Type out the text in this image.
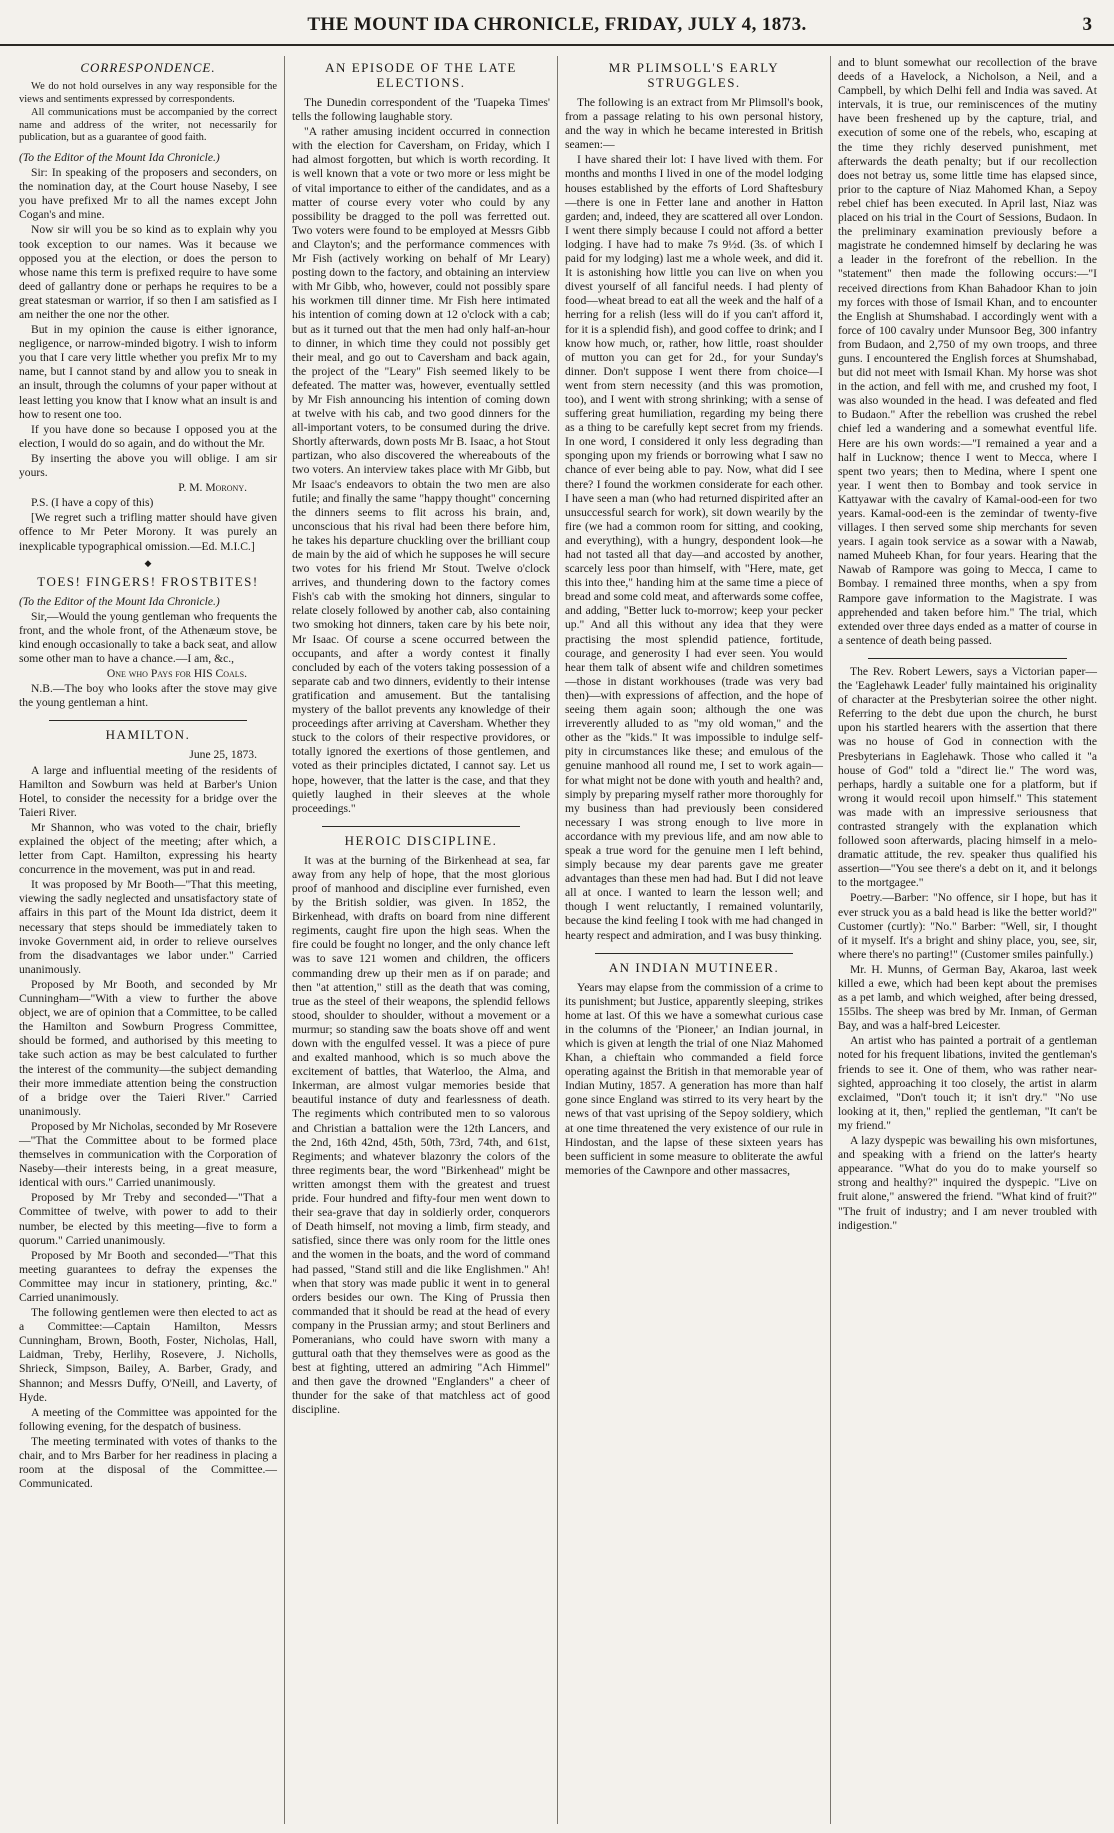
THE MOUNT IDA CHRONICLE, FRIDAY, JULY 4, 1873.	3
CORRESPONDENCE.

We do not hold ourselves in any way responsible for the views and sentiments expressed by correspondents.

All communications must be accompanied by the correct name and address of the writer, not necessarily for publication, but as a guarantee of good faith.

(To the Editor of the Mount Ida Chronicle.)

Sir: In speaking of the proposers and seconders, on the nomination day, at the Court house Naseby, I see you have prefixed Mr to all the names except John Cogan's and mine.

Now sir will you be so kind as to explain why you took exception to our names. Was it because we opposed you at the election, or does the person to whose name this term is prefixed require to have some deed of gallantry done or perhaps he requires to be a great statesman or warrior, if so then I am satisfied as I am neither the one nor the other.

But in my opinion the cause is either ignorance, negligence, or narrow-minded bigotry. I wish to inform you that I care very little whether you prefix Mr to my name, but I cannot stand by and allow you to sneak in an insult, through the columns of your paper without at least letting you know that I know what an insult is and how to resent one too.

If you have done so because I opposed you at the election, I would do so again, and do without the Mr.

By inserting the above you will oblige. I am sir yours.

P. M. Morony.

P.S. (I have a copy of this)

[We regret such a trifling matter should have given offence to Mr Peter Morony. It was purely an inexplicable typographical omission.—Ed. M.I.C.]

◆
TOES! FINGERS! FROSTBITES!

(To the Editor of the Mount Ida Chronicle.)

Sir,—Would the young gentleman who frequents the front, and the whole front, of the Athenæum stove, be kind enough occasionally to take a back seat, and allow some other man to have a chance.—I am, &c.,

One who Pays for HIS Coals.

N.B.—The boy who looks after the stove may give the young gentleman a hint.

HAMILTON.

June 25, 1873.

A large and influential meeting of the residents of Hamilton and Sowburn was held at Barber's Union Hotel, to consider the necessity for a bridge over the Taieri River.

Mr Shannon, who was voted to the chair, briefly explained the object of the meeting; after which, a letter from Capt. Hamilton, expressing his hearty concurrence in the movement, was put in and read.

It was proposed by Mr Booth—"That this meeting, viewing the sadly neglected and unsatisfactory state of affairs in this part of the Mount Ida district, deem it necessary that steps should be immediately taken to invoke Government aid, in order to relieve ourselves from the disadvantages we labor under." Carried unanimously.

Proposed by Mr Booth, and seconded by Mr Cunningham—"With a view to further the above object, we are of opinion that a Committee, to be called the Hamilton and Sowburn Progress Committee, should be formed, and authorised by this meeting to take such action as may be best calculated to further the interest of the community—the subject demanding their more immediate attention being the construction of a bridge over the Taieri River." Carried unanimously.

Proposed by Mr Nicholas, seconded by Mr Rosevere—"That the Committee about to be formed place themselves in communication with the Corporation of Naseby—their interests being, in a great measure, identical with ours." Carried unanimously.

Proposed by Mr Treby and seconded—"That a Committee of twelve, with power to add to their number, be elected by this meeting—five to form a quorum." Carried unanimously.

Proposed by Mr Booth and seconded—"That this meeting guarantees to defray the expenses the Committee may incur in stationery, printing, &c." Carried unanimously.

The following gentlemen were then elected to act as a Committee:—Captain Hamilton, Messrs Cunningham, Brown, Booth, Foster, Nicholas, Hall, Laidman, Treby, Herlihy, Rosevere, J. Nicholls, Shrieck, Simpson, Bailey, A. Barber, Grady, and Shannon; and Messrs Duffy, O'Neill, and Laverty, of Hyde.

A meeting of the Committee was appointed for the following evening, for the despatch of business.

The meeting terminated with votes of thanks to the chair, and to Mrs Barber for her readiness in placing a room at the disposal of the Committee.—Communicated.

AN EPISODE OF THE LATE ELECTIONS.

The Dunedin correspondent of the 'Tuapeka Times' tells the following laughable story.

"A rather amusing incident occurred in connection with the election for Caversham, on Friday, which I had almost forgotten, but which is worth recording. It is well known that a vote or two more or less might be of vital importance to either of the candidates, and as a matter of course every voter who could by any possibility be dragged to the poll was ferretted out. Two voters were found to be employed at Messrs Gibb and Clayton's; and the performance commences with Mr Fish (actively working on behalf of Mr Leary) posting down to the factory, and obtaining an interview with Mr Gibb, who, however, could not possibly spare his workmen till dinner time. Mr Fish here intimated his intention of coming down at 12 o'clock with a cab; but as it turned out that the men had only half-an-hour to dinner, in which time they could not possibly get their meal, and go out to Caversham and back again, the project of the "Leary" Fish seemed likely to be defeated. The matter was, however, eventually settled by Mr Fish announcing his intention of coming down at twelve with his cab, and two good dinners for the all-important voters, to be consumed during the drive. Shortly afterwards, down posts Mr B. Isaac, a hot Stout partizan, who also discovered the whereabouts of the two voters. An interview takes place with Mr Gibb, but Mr Isaac's endeavors to obtain the two men are also futile; and finally the same "happy thought" concerning the dinners seems to flit across his brain, and, unconscious that his rival had been there before him, he takes his departure chuckling over the brilliant coup de main by the aid of which he supposes he will secure two votes for his friend Mr Stout. Twelve o'clock arrives, and thundering down to the factory comes Fish's cab with the smoking hot dinners, singular to relate closely followed by another cab, also containing two smoking hot dinners, taken care by his bete noir, Mr Isaac. Of course a scene occurred between the occupants, and after a wordy contest it finally concluded by each of the voters taking possession of a separate cab and two dinners, evidently to their intense gratification and amusement. But the tantalising mystery of the ballot prevents any knowledge of their proceedings after arriving at Caversham. Whether they stuck to the colors of their respective providores, or totally ignored the exertions of those gentlemen, and voted as their principles dictated, I cannot say. Let us hope, however, that the latter is the case, and that they quietly laughed in their sleeves at the whole proceedings."

HEROIC DISCIPLINE.

It was at the burning of the Birkenhead at sea, far away from any help of hope, that the most glorious proof of manhood and discipline ever furnished, even by the British soldier, was given. In 1852, the Birkenhead, with drafts on board from nine different regiments, caught fire upon the high seas. When the fire could be fought no longer, and the only chance left was to save 121 women and children, the officers commanding drew up their men as if on parade; and then "at attention," still as the death that was coming, true as the steel of their weapons, the splendid fellows stood, shoulder to shoulder, without a movement or a murmur; so standing saw the boats shove off and went down with the engulfed vessel. It was a piece of pure and exalted manhood, which is so much above the excitement of battles, that Waterloo, the Alma, and Inkerman, are almost vulgar memories beside that beautiful instance of duty and fearlessness of death. The regiments which contributed men to so valorous and Christian a battalion were the 12th Lancers, and the 2nd, 16th 42nd, 45th, 50th, 73rd, 74th, and 61st, Regiments; and whatever blazonry the colors of the three regiments bear, the word "Birkenhead" might be written amongst them with the greatest and truest pride. Four hundred and fifty-four men went down to their sea-grave that day in soldierly order, conquerors of Death himself, not moving a limb, firm steady, and satisfied, since there was only room for the little ones and the women in the boats, and the word of command had passed, "Stand still and die like Englishmen." Ah! when that story was made public it went in to general orders besides our own. The King of Prussia then commanded that it should be read at the head of every company in the Prussian army; and stout Berliners and Pomeranians, who could have sworn with many a guttural oath that they themselves were as good as the best at fighting, uttered an admiring "Ach Himmel" and then gave the drowned "Englanders" a cheer of thunder for the sake of that matchless act of good discipline.

MR PLIMSOLL'S EARLY STRUGGLES.

The following is an extract from Mr Plimsoll's book, from a passage relating to his own personal history, and the way in which he became interested in British seamen:—

I have shared their lot: I have lived with them. For months and months I lived in one of the model lodging houses established by the efforts of Lord Shaftesbury—there is one in Fetter lane and another in Hatton garden; and, indeed, they are scattered all over London. I went there simply because I could not afford a better lodging. I have had to make 7s 9½d. (3s. of which I paid for my lodging) last me a whole week, and did it. It is astonishing how little you can live on when you divest yourself of all fanciful needs. I had plenty of food—wheat bread to eat all the week and the half of a herring for a relish (less will do if you can't afford it, for it is a splendid fish), and good coffee to drink; and I know how much, or, rather, how little, roast shoulder of mutton you can get for 2d., for your Sunday's dinner. Don't suppose I went there from choice—I went from stern necessity (and this was promotion, too), and I went with strong shrinking; with a sense of suffering great humiliation, regarding my being there as a thing to be carefully kept secret from my friends. In one word, I considered it only less degrading than sponging upon my friends or borrowing what I saw no chance of ever being able to pay. Now, what did I see there? I found the workmen considerate for each other. I have seen a man (who had returned dispirited after an unsuccessful search for work), sit down wearily by the fire (we had a common room for sitting, and cooking, and everything), with a hungry, despondent look—he had not tasted all that day—and accosted by another, scarcely less poor than himself, with "Here, mate, get this into thee," handing him at the same time a piece of bread and some cold meat, and afterwards some coffee, and adding, "Better luck to-morrow; keep your pecker up." And all this without any idea that they were practising the most splendid patience, fortitude, courage, and generosity I had ever seen. You would hear them talk of absent wife and children sometimes—those in distant workhouses (trade was very bad then)—with expressions of affection, and the hope of seeing them again soon; although the one was irreverently alluded to as "my old woman," and the other as the "kids." It was impossible to indulge self-pity in circumstances like these; and emulous of the genuine manhood all round me, I set to work again—for what might not be done with youth and health? and, simply by preparing myself rather more thoroughly for my business than had previously been considered necessary I was strong enough to live more in accordance with my previous life, and am now able to speak a true word for the genuine men I left behind, simply because my dear parents gave me greater advantages than these men had had. But I did not leave all at once. I wanted to learn the lesson well; and though I went reluctantly, I remained voluntarily, because the kind feeling I took with me had changed in hearty respect and admiration, and I was busy thinking.

AN INDIAN MUTINEER.

Years may elapse from the commission of a crime to its punishment; but Justice, apparently sleeping, strikes home at last. Of this we have a somewhat curious case in the columns of the 'Pioneer,' an Indian journal, in which is given at length the trial of one Niaz Mahomed Khan, a chieftain who commanded a field force operating against the British in that memorable year of Indian Mutiny, 1857. A generation has more than half gone since England was stirred to its very heart by the news of that vast uprising of the Sepoy soldiery, which at one time threatened the very existence of our rule in Hindostan, and the lapse of these sixteen years has been sufficient in some measure to obliterate the awful memories of the Cawnpore and other massacres,

and to blunt somewhat our recollection of the brave deeds of a Havelock, a Nicholson, a Neil, and a Campbell, by which Delhi fell and India was saved. At intervals, it is true, our reminiscences of the mutiny have been freshened up by the capture, trial, and execution of some one of the rebels, who, escaping at the time they richly deserved punishment, met afterwards the death penalty; but if our recollection does not betray us, some little time has elapsed since, prior to the capture of Niaz Mahomed Khan, a Sepoy rebel chief has been executed. In April last, Niaz was placed on his trial in the Court of Sessions, Budaon. In the preliminary examination previously before a magistrate he condemned himself by declaring he was a leader in the forefront of the rebellion. In the "statement" then made the following occurs:—"I received directions from Khan Bahadoor Khan to join my forces with those of Ismail Khan, and to encounter the English at Shumshabad. I accordingly went with a force of 100 cavalry under Munsoor Beg, 300 infantry from Budaon, and 2,750 of my own troops, and three guns. I encountered the English forces at Shumshabad, but did not meet with Ismail Khan. My horse was shot in the action, and fell with me, and crushed my foot, I was also wounded in the head. I was defeated and fled to Budaon." After the rebellion was crushed the rebel chief led a wandering and a somewhat eventful life. Here are his own words:—"I remained a year and a half in Lucknow; thence I went to Mecca, where I spent two years; then to Medina, where I spent one year. I went then to Bombay and took service in Kattyawar with the cavalry of Kamal-ood-een for two years. Kamal-ood-een is the zemindar of twenty-five villages. I then served some ship merchants for seven years. I again took service as a sowar with a Nawab, named Muheeb Khan, for four years. Hearing that the Nawab of Rampore was going to Mecca, I came to Bombay. I remained three months, when a spy from Rampore gave information to the Magistrate. I was apprehended and taken before him." The trial, which extended over three days ended as a matter of course in a sentence of death being passed.

The Rev. Robert Lewers, says a Victorian paper—the 'Eaglehawk Leader' fully maintained his originality of character at the Presbyterian soiree the other night. Referring to the debt due upon the church, he burst upon his startled hearers with the assertion that there was no house of God in connection with the Presbyterians in Eaglehawk. Those who called it "a house of God" told a "direct lie." The word was, perhaps, hardly a suitable one for a platform, but if wrong it would recoil upon himself." This statement was made with an impressive seriousness that contrasted strangely with the explanation which followed soon afterwards, placing himself in a melo-dramatic attitude, the rev. speaker thus qualified his assertion—"You see there's a debt on it, and it belongs to the mortgagee."

Poetry.—Barber: "No offence, sir I hope, but has it ever struck you as a bald head is like the better world?" Customer (curtly): "No." Barber: "Well, sir, I thought of it myself. It's a bright and shiny place, you, see, sir, where there's no parting!" (Customer smiles painfully.)

Mr. H. Munns, of German Bay, Akaroa, last week killed a ewe, which had been kept about the premises as a pet lamb, and which weighed, after being dressed, 155lbs. The sheep was bred by Mr. Inman, of German Bay, and was a half-bred Leicester.

An artist who has painted a portrait of a gentleman noted for his frequent libations, invited the gentleman's friends to see it. One of them, who was rather near-sighted, approaching it too closely, the artist in alarm exclaimed, "Don't touch it; it isn't dry." "No use looking at it, then," replied the gentleman, "It can't be my friend."

A lazy dyspepic was bewailing his own misfortunes, and speaking with a friend on the latter's hearty appearance. "What do you do to make yourself so strong and healthy?" inquired the dyspepic. "Live on fruit alone," answered the friend. "What kind of fruit?" "The fruit of industry; and I am never troubled with indigestion."
